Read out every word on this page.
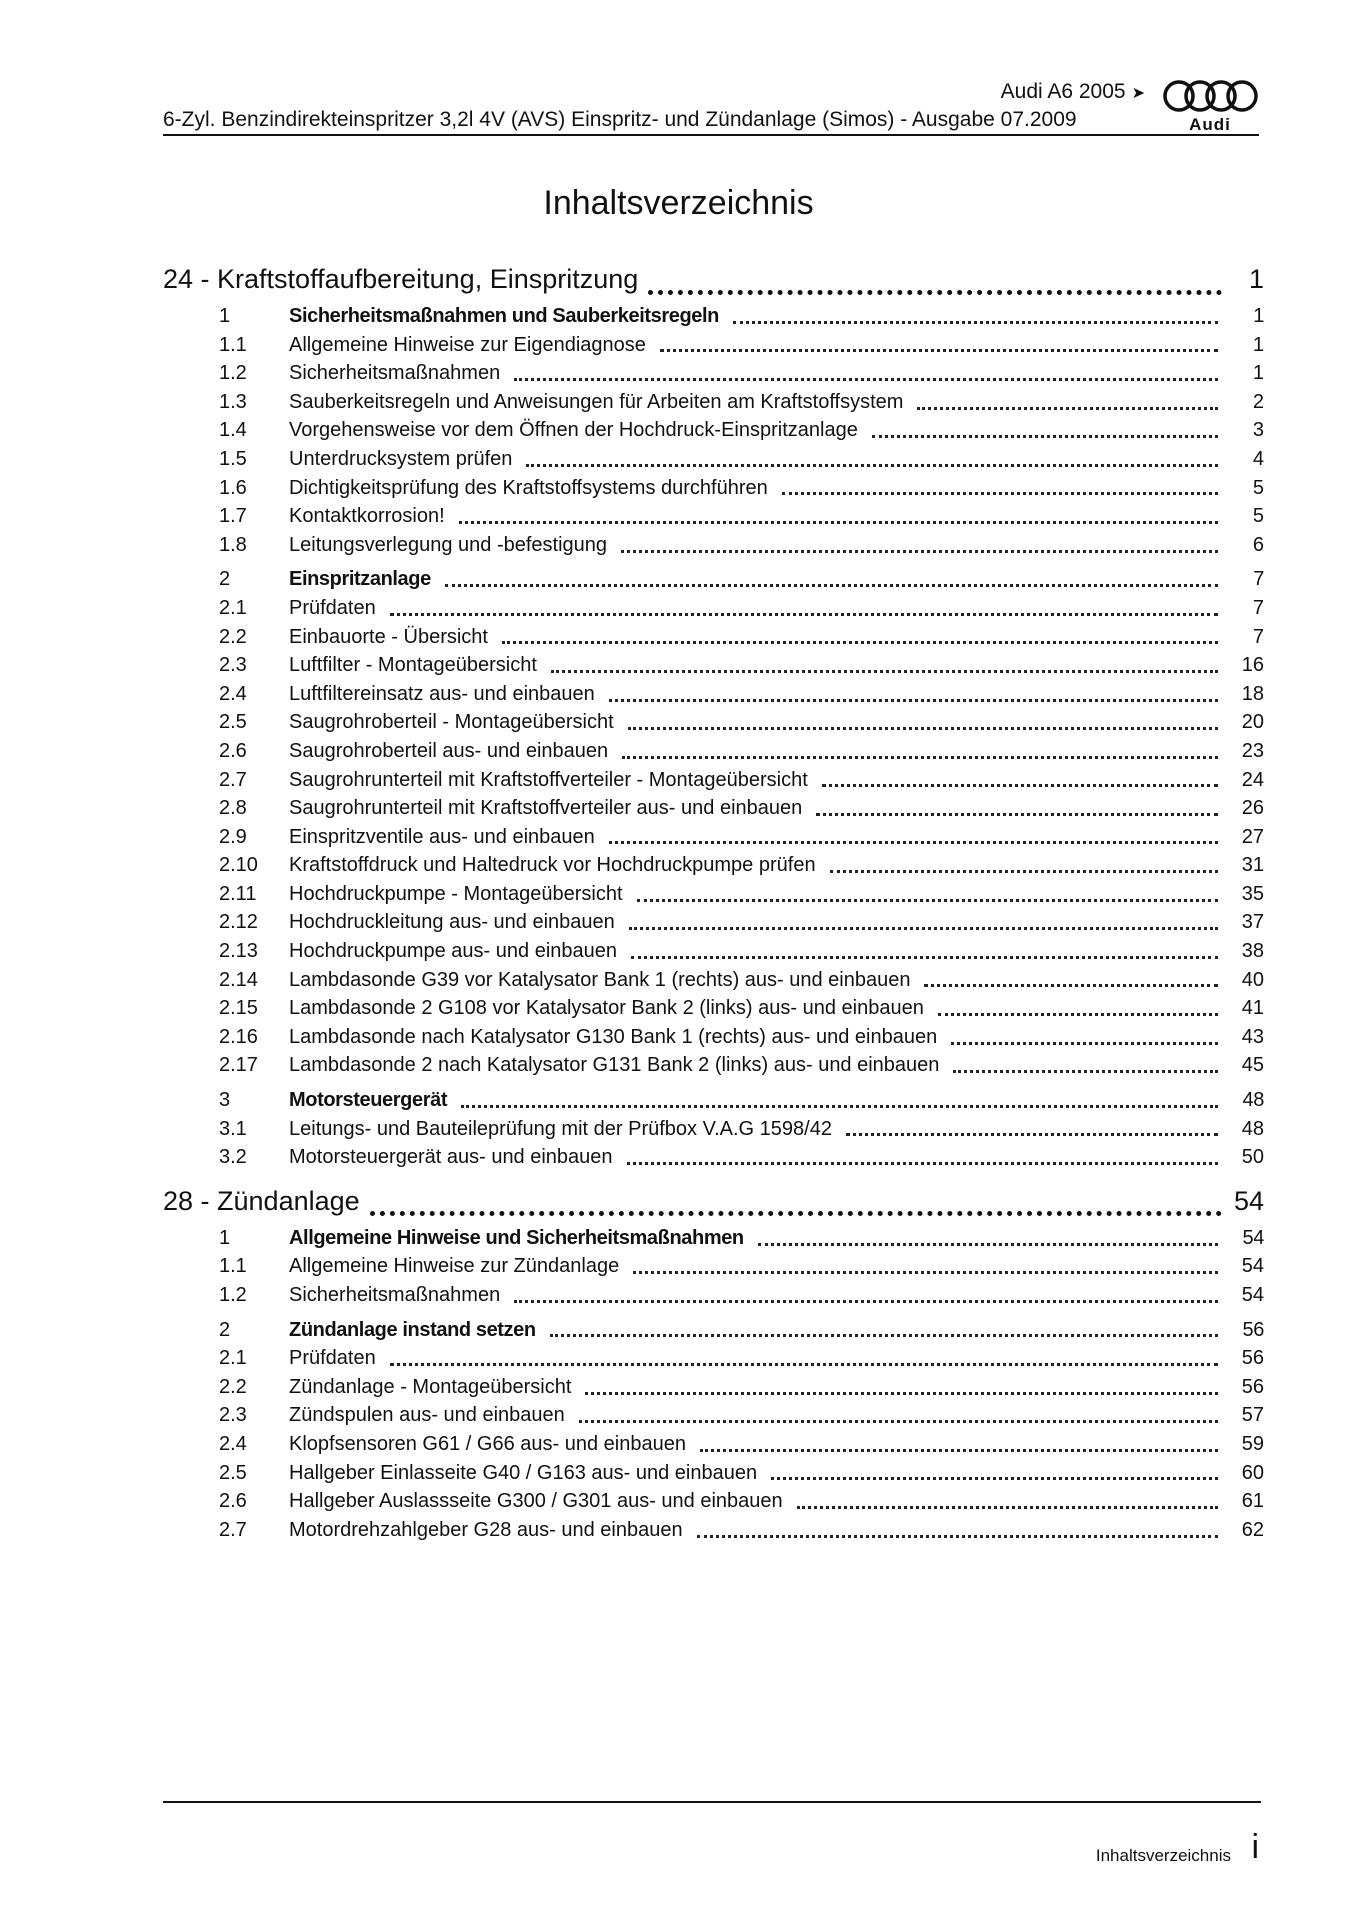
Audi A6 2005 ➤
6-Zyl. Benzindirekteinspritzer 3,2l 4V (AVS) Einspritz- und Zündanlage (Simos) - Ausgabe 07.2009	Audi
Inhaltsverzeichnis
24 - Kraftstoffaufbereitung, Einspritzung	1
1	Sicherheitsmaßnahmen und Sauberkeitsregeln	1
1.1	Allgemeine Hinweise zur Eigendiagnose	1
1.2	Sicherheitsmaßnahmen	1
1.3	Sauberkeitsregeln und Anweisungen für Arbeiten am Kraftstoffsystem	2
1.4	Vorgehensweise vor dem Öffnen der Hochdruck-Einspritzanlage	3
1.5	Unterdrucksystem prüfen	4
1.6	Dichtigkeitsprüfung des Kraftstoffsystems durchführen	5
1.7	Kontaktkorrosion!	5
1.8	Leitungsverlegung und -befestigung	6
2	Einspritzanlage	7
2.1	Prüfdaten	7
2.2	Einbauorte - Übersicht	7
2.3	Luftfilter - Montageübersicht	16
2.4	Luftfiltereinsatz aus- und einbauen	18
2.5	Saugrohroberteil - Montageübersicht	20
2.6	Saugrohroberteil aus- und einbauen	23
2.7	Saugrohrunterteil mit Kraftstoffverteiler - Montageübersicht	24
2.8	Saugrohrunterteil mit Kraftstoffverteiler aus- und einbauen	26
2.9	Einspritzventile aus- und einbauen	27
2.10	Kraftstoffdruck und Haltedruck vor Hochdruckpumpe prüfen	31
2.11	Hochdruckpumpe - Montageübersicht	35
2.12	Hochdruckleitung aus- und einbauen	37
2.13	Hochdruckpumpe aus- und einbauen	38
2.14	Lambdasonde G39 vor Katalysator Bank 1 (rechts) aus- und einbauen	40
2.15	Lambdasonde 2 G108 vor Katalysator Bank 2 (links) aus- und einbauen	41
2.16	Lambdasonde nach Katalysator G130 Bank 1 (rechts) aus- und einbauen	43
2.17	Lambdasonde 2 nach Katalysator G131 Bank 2 (links) aus- und einbauen	45
3	Motorsteuergerät	48
3.1	Leitungs- und Bauteileprüfung mit der Prüfbox V.A.G 1598/42	48
3.2	Motorsteuergerät aus- und einbauen	50
28 - Zündanlage	54
1	Allgemeine Hinweise und Sicherheitsmaßnahmen	54
1.1	Allgemeine Hinweise zur Zündanlage	54
1.2	Sicherheitsmaßnahmen	54
2	Zündanlage instand setzen	56
2.1	Prüfdaten	56
2.2	Zündanlage - Montageübersicht	56
2.3	Zündspulen aus- und einbauen	57
2.4	Klopfsensoren G61 / G66 aus- und einbauen	59
2.5	Hallgeber Einlasseite G40 / G163 aus- und einbauen	60
2.6	Hallgeber Auslassseite G300 / G301 aus- und einbauen	61
2.7	Motordrehzahlgeber G28 aus- und einbauen	62
Inhaltsverzeichnis i
